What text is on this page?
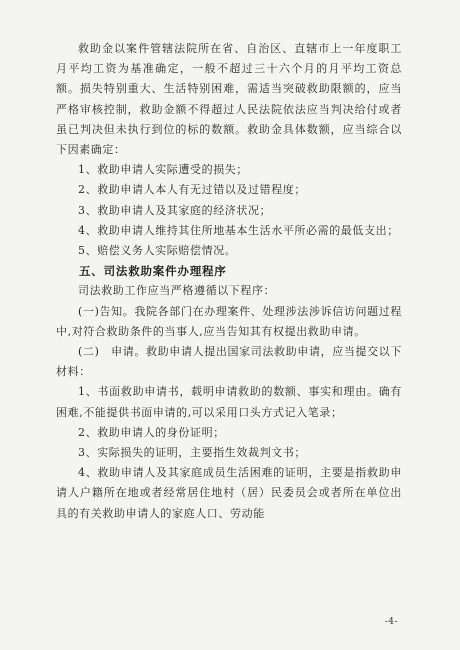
救助金以案件管辖法院所在省、自治区、直辖市上一年度职工月平均工资为基准确定，一般不超过三十六个月的月平均工资总额。损失特别重大、生活特别困难，需适当突破救助限额的，应当严格审核控制，救助金额不得超过人民法院依法应当判决给付或者虽已判决但未执行到位的标的数额。救助金具体数额，应当综合以下因素确定：

1、救助申请人实际遭受的损失；

2、救助申请人本人有无过错以及过错程度；

3、救助申请人及其家庭的经济状况；

4、救助申请人维持其住所地基本生活水平所必需的最低支出；

5、赔偿义务人实际赔偿情况。

五、司法救助案件办理程序

司法救助工作应当严格遵循以下程序：

(一)告知。我院各部门在办理案件、处理涉法涉诉信访问题过程中,对符合救助条件的当事人,应当告知其有权提出救助申请。

(二)　申请。救助申请人提出国家司法救助申请，应当提交以下材料：

1、书面救助申请书，载明申请救助的数额、事实和理由。确有困难,不能提供书面申请的,可以采用口头方式记入笔录；

2、救助申请人的身份证明；

3、实际损失的证明，主要指生效裁判文书；

4、救助申请人及其家庭成员生活困难的证明，主要是指救助申请人户籍所在地或者经常居住地村（居）民委员会或者所在单位出具的有关救助申请人的家庭人口、劳动能

-4-
